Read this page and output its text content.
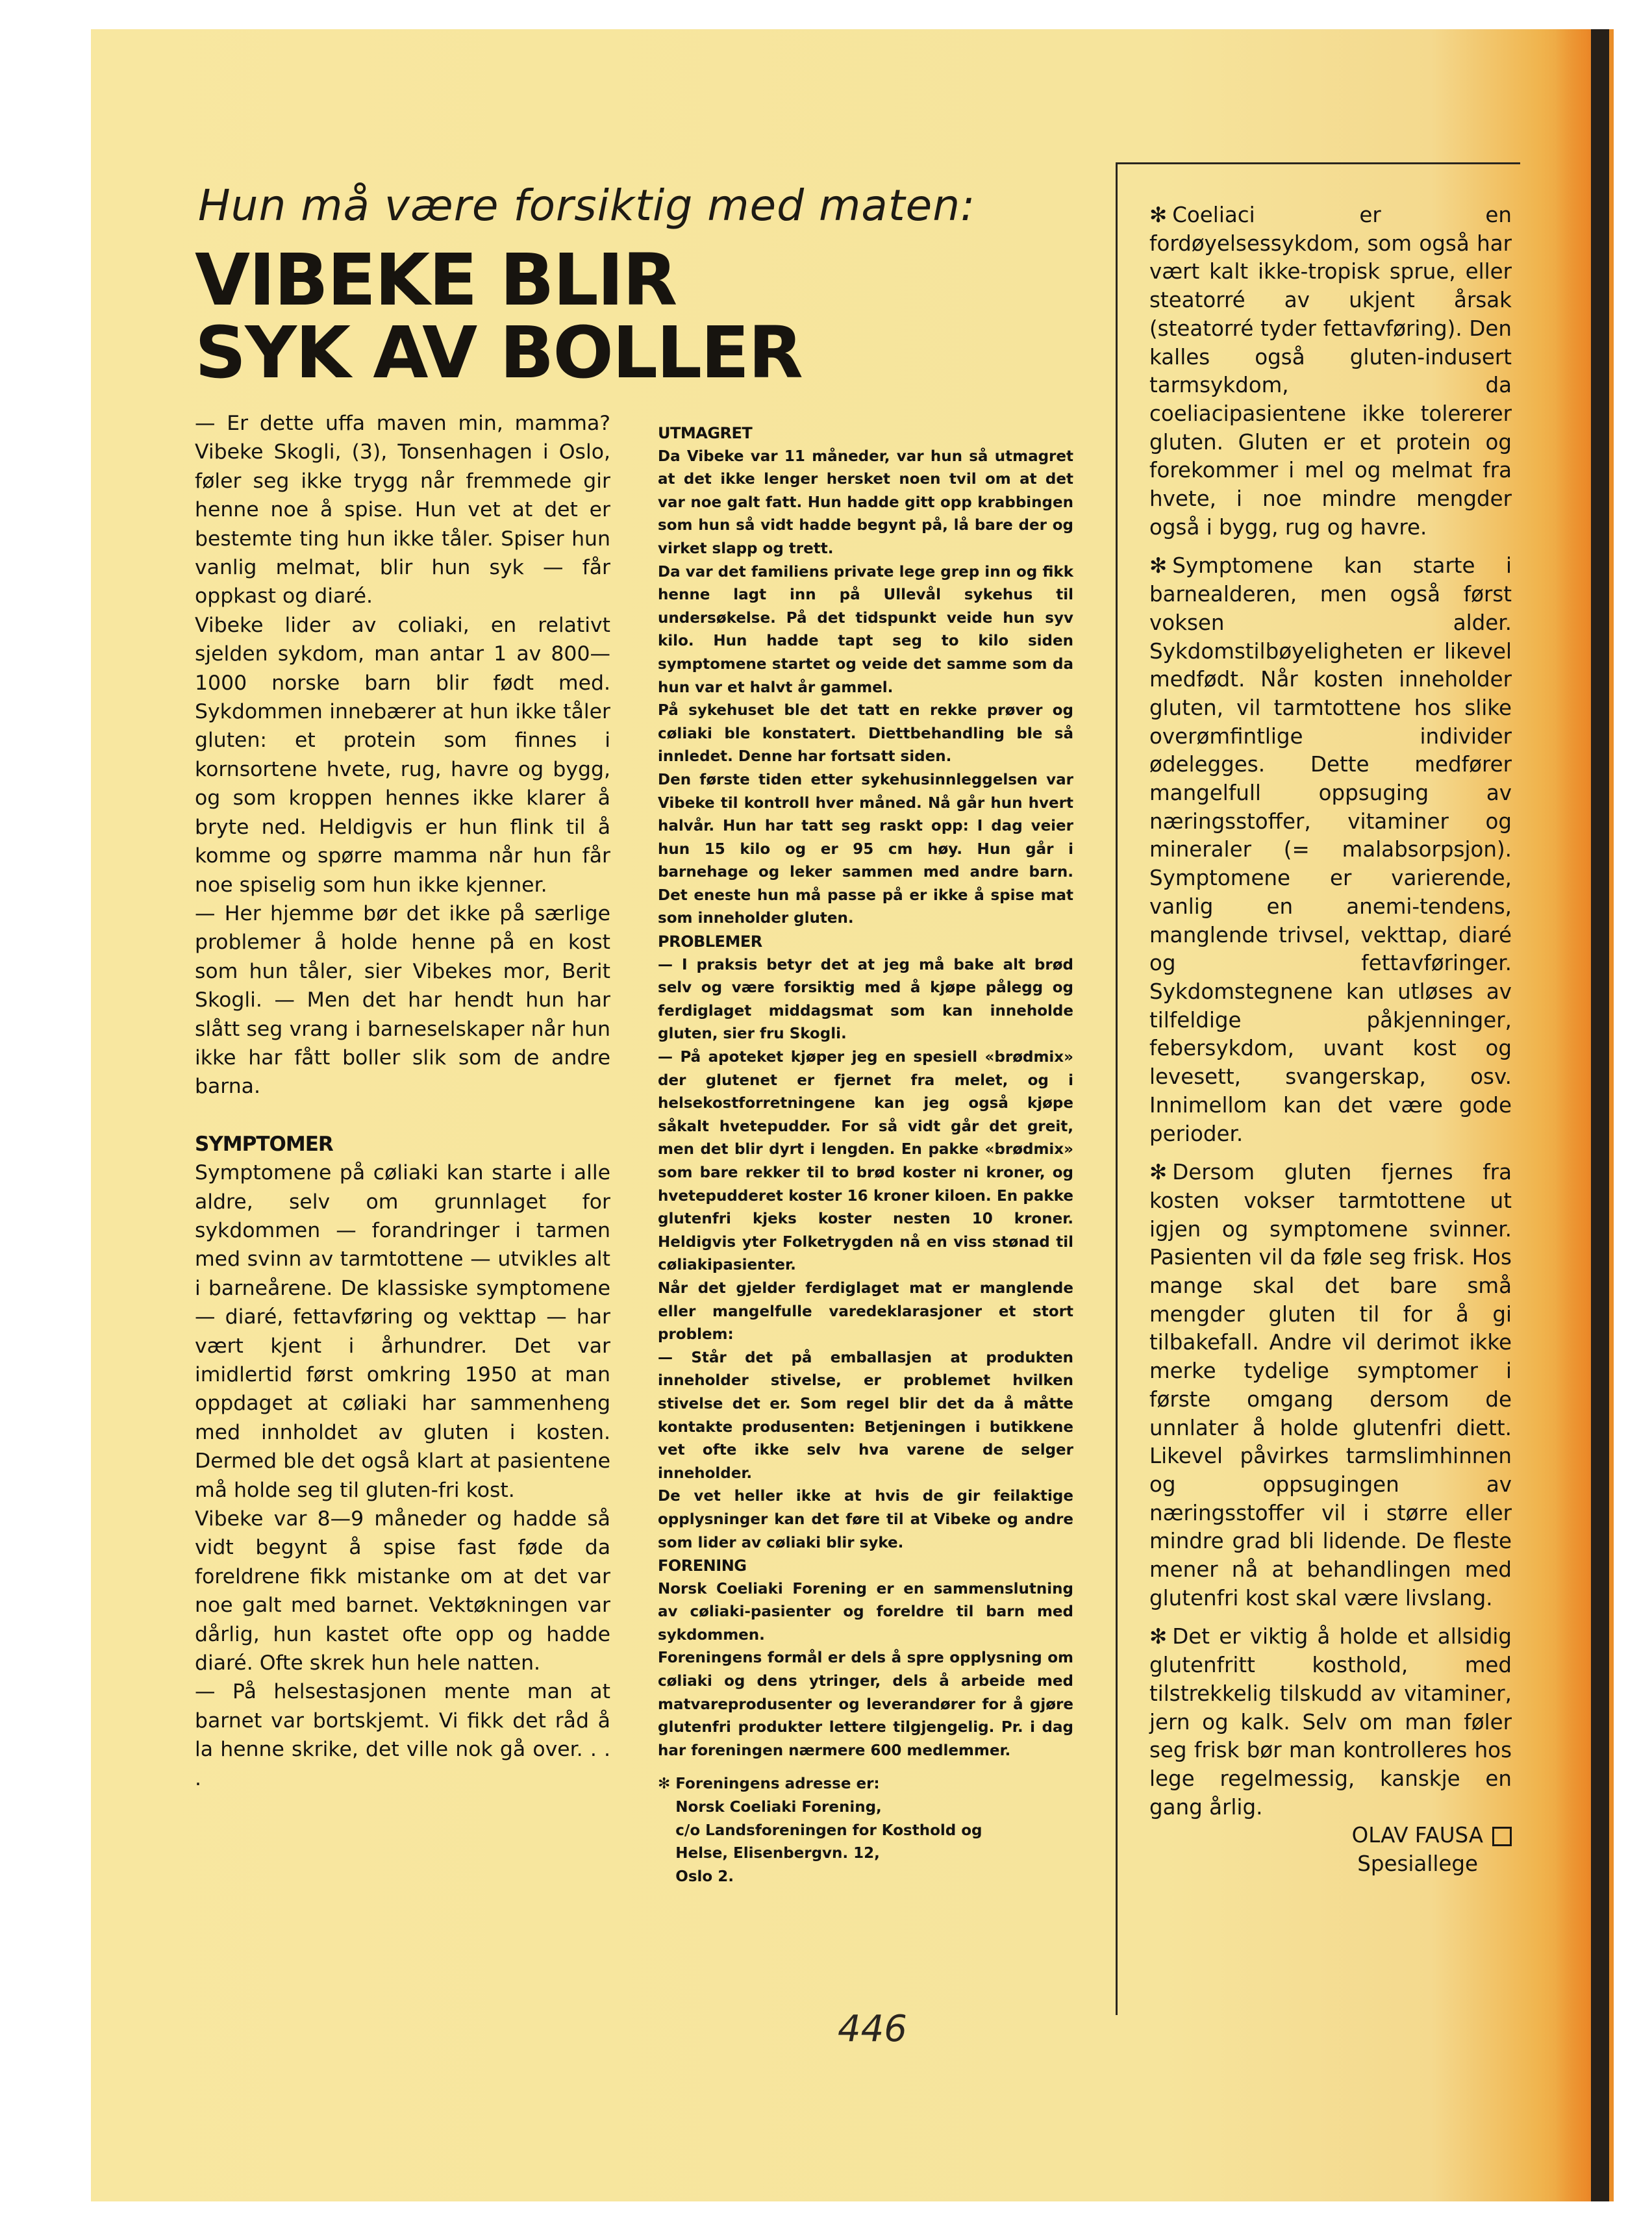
Hun må være forsiktig med maten:
VIBEKE BLIR SYK AV BOLLER

— Er dette uffa maven min, mamma? Vibeke Skogli, (3), Tonsenhagen i Oslo, føler seg ikke trygg når fremmede gir henne noe å spise. Hun vet at det er bestemte ting hun ikke tåler. Spiser hun vanlig melmat, blir hun syk — får oppkast og diaré.

Vibeke lider av coliaki, en relativt sjelden sykdom, man antar 1 av 800—1000 norske barn blir født med. Sykdommen innebærer at hun ikke tåler gluten: et protein som finnes i kornsortene hvete, rug, havre og bygg, og som kroppen hennes ikke klarer å bryte ned. Heldigvis er hun flink til å komme og spørre mamma når hun får noe spiselig som hun ikke kjenner.

— Her hjemme bør det ikke på særlige problemer å holde henne på en kost som hun tåler, sier Vibekes mor, Berit Skogli. — Men det har hendt hun har slått seg vrang i barneselskaper når hun ikke har fått boller slik som de andre barna.

SYMPTOMER

Symptomene på cøliaki kan starte i alle aldre, selv om grunnlaget for sykdommen — forandringer i tarmen med svinn av tarmtottene — utvikles alt i barneårene. De klassiske symptomene — diaré, fettavføring og vekttap — har vært kjent i århundrer. Det var imidlertid først omkring 1950 at man oppdaget at cøliaki har sammenheng med innholdet av gluten i kosten. Dermed ble det også klart at pasientene må holde seg til gluten-fri kost.

Vibeke var 8—9 måneder og hadde så vidt begynt å spise fast føde da foreldrene fikk mistanke om at det var noe galt med barnet. Vektøkningen var dårlig, hun kastet ofte opp og hadde diaré. Ofte skrek hun hele natten.

— På helsestasjonen mente man at barnet var bortskjemt. Vi fikk det råd å la henne skrike, det ville nok gå over. . . .

UTMAGRET

Da Vibeke var 11 måneder, var hun så utmagret at det ikke lenger hersket noen tvil om at det var noe galt fatt. Hun hadde gitt opp krabbingen som hun så vidt hadde begynt på, lå bare der og virket slapp og trett.

Da var det familiens private lege grep inn og fikk henne lagt inn på Ullevål sykehus til undersøkelse. På det tidspunkt veide hun syv kilo. Hun hadde tapt seg to kilo siden symptomene startet og veide det samme som da hun var et halvt år gammel.

På sykehuset ble det tatt en rekke prøver og cøliaki ble konstatert. Diettbehandling ble så innledet. Denne har fortsatt siden.

Den første tiden etter sykehusinnleggelsen var Vibeke til kontroll hver måned. Nå går hun hvert halvår. Hun har tatt seg raskt opp: I dag veier hun 15 kilo og er 95 cm høy. Hun går i barnehage og leker sammen med andre barn. Det eneste hun må passe på er ikke å spise mat som inneholder gluten.

PROBLEMER

— I praksis betyr det at jeg må bake alt brød selv og være forsiktig med å kjøpe pålegg og ferdiglaget middagsmat som kan inneholde gluten, sier fru Skogli.

— På apoteket kjøper jeg en spesiell «brødmix» der glutenet er fjernet fra melet, og i helsekostforretningene kan jeg også kjøpe såkalt hvetepudder. For så vidt går det greit, men det blir dyrt i lengden. En pakke «brødmix» som bare rekker til to brød koster ni kroner, og hvetepudderet koster 16 kroner kiloen. En pakke glutenfri kjeks koster nesten 10 kroner. Heldigvis yter Folketrygden nå en viss stønad til cøliakipasienter.

Når det gjelder ferdiglaget mat er manglende eller mangelfulle varedeklarasjoner et stort problem:

— Står det på emballasjen at produkten inneholder stivelse, er problemet hvilken stivelse det er. Som regel blir det da å måtte kontakte produsenten: Betjeningen i butikkene vet ofte ikke selv hva varene de selger inneholder.

De vet heller ikke at hvis de gir feilaktige opplysninger kan det føre til at Vibeke og andre som lider av cøliaki blir syke.

FORENING

Norsk Coeliaki Forening er en sammenslutning av cøliaki-pasienter og foreldre til barn med sykdommen.

Foreningens formål er dels å spre opplysning om cøliaki og dens ytringer, dels å arbeide med matvareprodusenter og leverandører for å gjøre glutenfri produkter lettere tilgjengelig. Pr. i dag har foreningen nærmere 600 medlemmer.

✻ Foreningens adresse er:
Norsk Coeliaki Forening,
c/o Landsforeningen for Kosthold og
Helse, Elisenbergvn. 12,
Oslo 2.

✻ Coeliaci er en fordøyelsessykdom, som også har vært kalt ikke-tropisk sprue, eller steatorré av ukjent årsak (steatorré tyder fettavføring). Den kalles også gluten-indusert tarmsykdom, da coeliacipasientene ikke tolererer gluten. Gluten er et protein og forekommer i mel og melmat fra hvete, i noe mindre mengder også i bygg, rug og havre.

✻ Symptomene kan starte i barnealderen, men også først voksen alder. Sykdomstilbøyeligheten er likevel medfødt. Når kosten inneholder gluten, vil tarmtottene hos slike overømfintlige individer ødelegges. Dette medfører mangelfull oppsuging av næringsstoffer, vitaminer og mineraler (= malabsorpsjon). Symptomene er varierende, vanlig en anemi-tendens, manglende trivsel, vekttap, diaré og fettavføringer. Sykdomstegnene kan utløses av tilfeldige påkjenninger, febersykdom, uvant kost og levesett, svangerskap, osv. Innimellom kan det være gode perioder.

✻ Dersom gluten fjernes fra kosten vokser tarmtottene ut igjen og symptomene svinner. Pasienten vil da føle seg frisk. Hos mange skal det bare små mengder gluten til for å gi tilbakefall. Andre vil derimot ikke merke tydelige symptomer i første omgang dersom de unnlater å holde glutenfri diett. Likevel påvirkes tarmslimhinnen og oppsugingen av næringsstoffer vil i større eller mindre grad bli lidende. De fleste mener nå at behandlingen med glutenfri kost skal være livslang.

✻ Det er viktig å holde et allsidig glutenfritt kosthold, med tilstrekkelig tilskudd av vitaminer, jern og kalk. Selv om man føler seg frisk bør man kontrolleres hos lege regelmessig, kanskje en gang årlig.

OLAV FAUSA
Spesiallege
446
